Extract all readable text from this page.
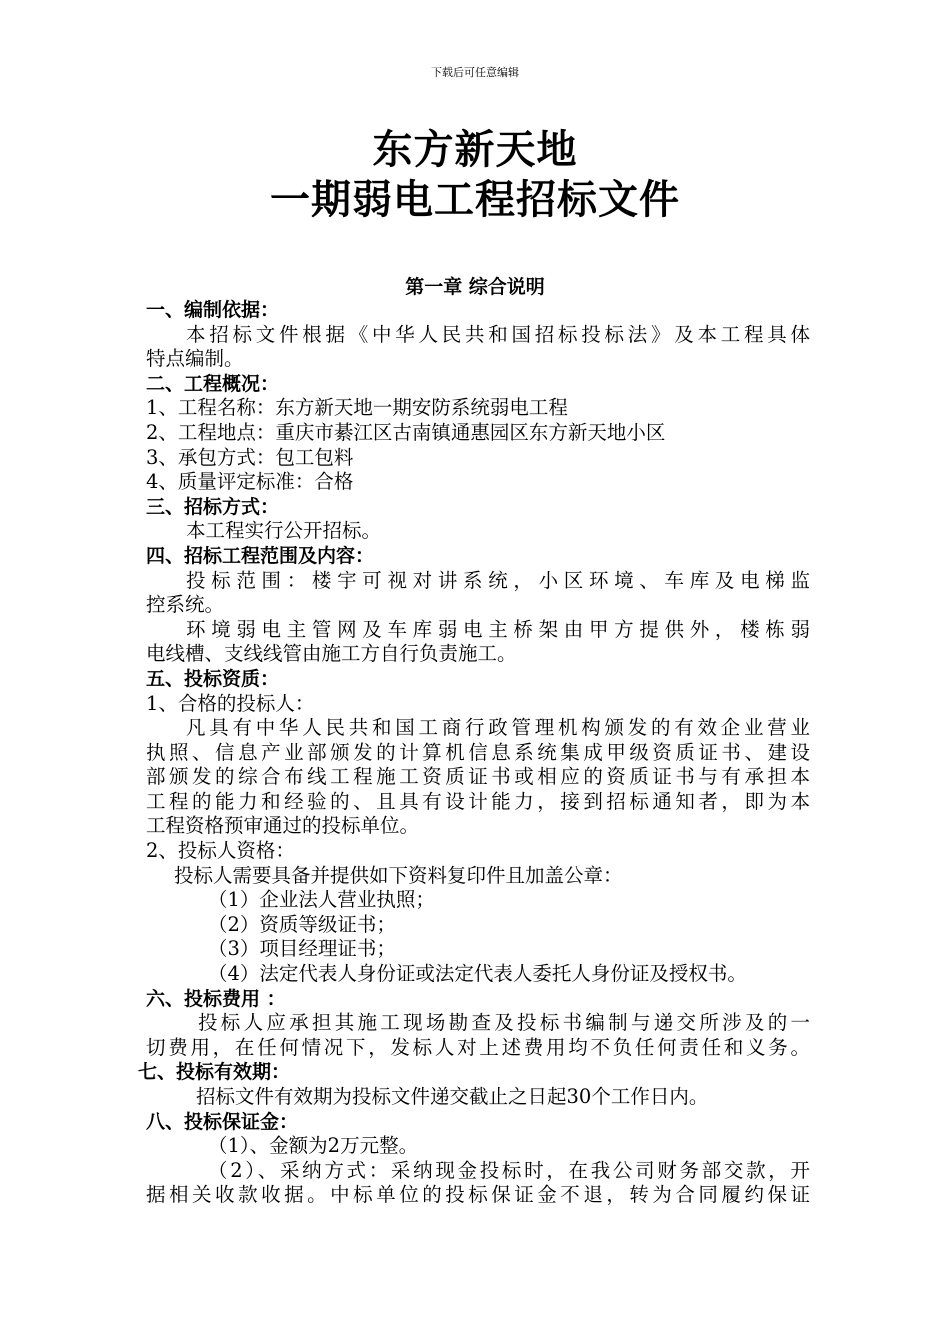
下载后可任意编辑
东方新天地
一期弱电工程招标文件
第一章 综合说明
一、编制依据：
本招标文件根据《中华人民共和国招标投标法》及本工程具体
特点编制。
二、工程概况：
1、工程名称：东方新天地一期安防系统弱电工程
2、工程地点：重庆市綦江区古南镇通惠园区东方新天地小区
3、承包方式：包工包料
4、质量评定标准：合格
三、招标方式：
本工程实行公开招标。
四、招标工程范围及内容：
投标范围：楼宇可视对讲系统，小区环境、车库及电梯监
控系统。
环境弱电主管网及车库弱电主桥架由甲方提供外，楼栋弱
电线槽、支线线管由施工方自行负责施工。
五、投标资质：
1、合格的投标人：
凡具有中华人民共和国工商行政管理机构颁发的有效企业营业
执照、信息产业部颁发的计算机信息系统集成甲级资质证书、建设
部颁发的综合布线工程施工资质证书或相应的资质证书与有承担本
工程的能力和经验的、且具有设计能力，接到招标通知者，即为本
工程资格预审通过的投标单位。
2、投标人资格：
投标人需要具备并提供如下资料复印件且加盖公章：
（1）企业法人营业执照；
（2）资质等级证书；
（3）项目经理证书；
（4）法定代表人身份证或法定代表人委托人身份证及授权书。
六、投标费用 ：
投标人应承担其施工现场勘查及投标书编制与递交所涉及的一
切费用，在任何情况下，发标人对上述费用均不负任何责任和义务。
七、投标有效期：
招标文件有效期为投标文件递交截止之日起30个工作日内。
八、投标保证金：
（1）、金额为2万元整。
（2）、采纳方式：采纳现金投标时，在我公司财务部交款，开
据相关收款收据。中标单位的投标保证金不退，转为合同履约保证
